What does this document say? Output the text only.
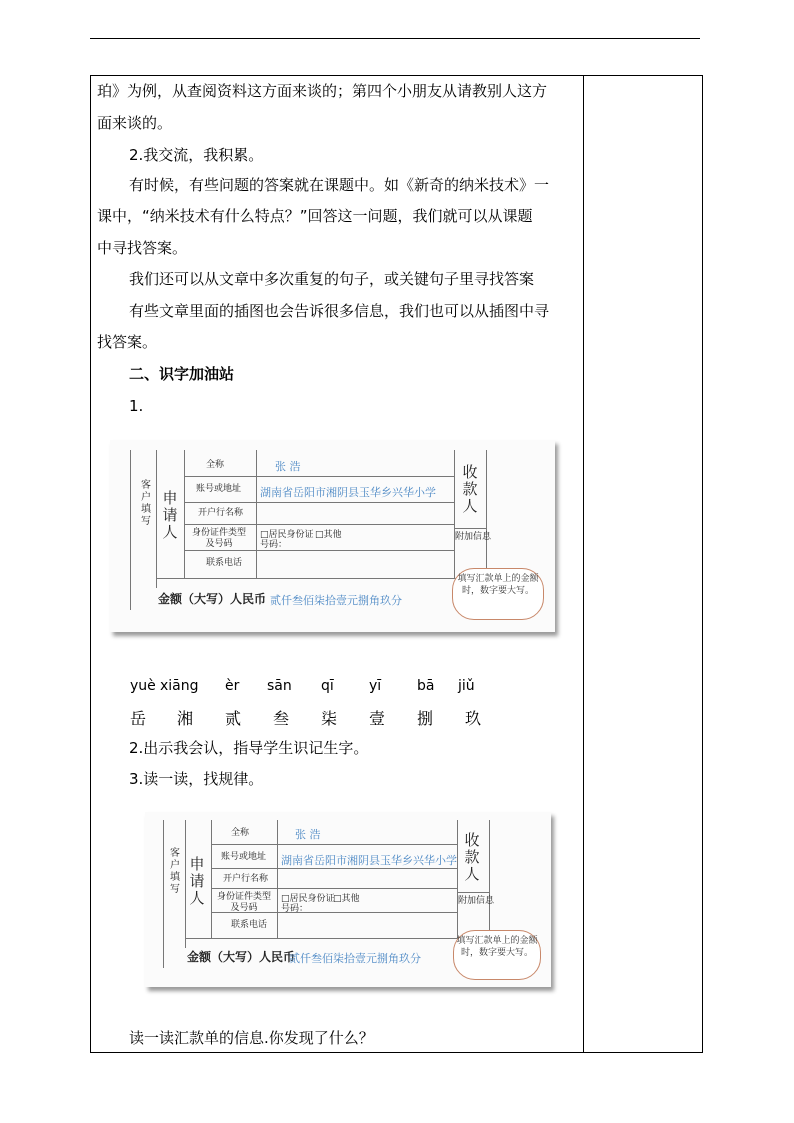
珀》为例，从查阅资料这方面来谈的；第四个小朋友从请教别人这方
面来谈的。
2.我交流，我积累。
有时候，有些问题的答案就在课题中。如《新奇的纳米技术》一
课中，“纳米技术有什么特点？”回答这一问题，我们就可以从课题
中寻找答案。
我们还可以从文章中多次重复的句子，或关键句子里寻找答案
有些文章里面的插图也会告诉很多信息，我们也可以从插图中寻
找答案。
二、识字加油站
1.
客户填写
申请人
全称	张 浩
账号或地址 湖南省岳阳市湘阴县玉华乡兴华小学
开户行名称
身份证件类型及号码
□居民身份证 □其他
号码：
联系电话
收款人
附加信息
金额（大写）人民币 贰仟叁佰柒拾壹元捌角玖分
填写汇款单上的金额时，数字要大写。
yuè xiāng èr sān qī	yī	bā jiǔ
岳 湘 贰 叁 柒 壹 捌 玖
2.出示我会认，指导学生识记生字。
3.读一读，找规律。
客户填写
申请人
全称	张 浩
账号或地址 湖南省岳阳市湘阴县玉华乡兴华小学
开户行名称
身份证件类型及号码
□居民身份证
□其他
号码：
联系电话
收款人
附加信息
金额（大写）人民币
贰仟叁佰柒拾壹元捌角玖分
填写汇款单上的金额时，数字要大写。
读一读汇款单的信息.你发现了什么？
